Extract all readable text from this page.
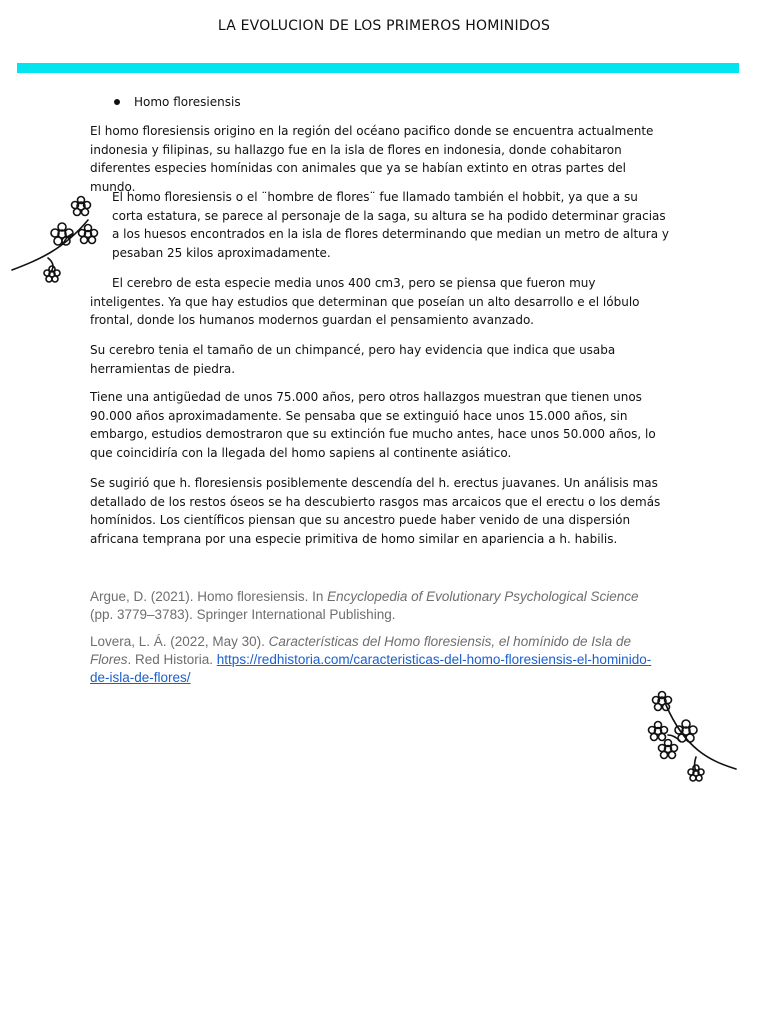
LA EVOLUCION DE LOS PRIMEROS HOMINIDOS
Homo floresiensis

El homo floresiensis origino en la región del océano pacifico donde se encuentra actualmente indonesia y filipinas, su hallazgo fue en la isla de flores en indonesia, donde cohabitaron diferentes especies homínidas con animales que ya se habían extinto en otras partes del mundo.

El homo floresiensis o el ¨hombre de flores¨ fue llamado también el hobbit, ya que a su corta estatura, se parece al personaje de la saga, su altura se ha podido determinar gracias a los huesos encontrados en la isla de flores determinando que median un metro de altura y pesaban 25 kilos aproximadamente.

El cerebro de esta especie media unos 400 cm3, pero se piensa que fueron muy inteligentes. Ya que hay estudios que determinan que poseían un alto desarrollo e el lóbulo frontal, donde los humanos modernos guardan el pensamiento avanzado.

Su cerebro tenia el tamaño de un chimpancé, pero hay evidencia que indica que usaba herramientas de piedra.

Tiene una antigüedad de unos 75.000 años, pero otros hallazgos muestran que tienen unos 90.000 años aproximadamente. Se pensaba que se extinguió hace unos 15.000 años, sin embargo, estudios demostraron que su extinción fue mucho antes, hace unos 50.000 años, lo que coincidiría con la llegada del homo sapiens al continente asiático.

Se sugirió que h. floresiensis posiblemente descendía del h. erectus juavanes. Un análisis mas detallado de los restos óseos se ha descubierto rasgos mas arcaicos que el erectu o los demás homínidos. Los científicos piensan que su ancestro puede haber venido de una dispersión africana temprana por una especie primitiva de homo similar en apariencia a h. habilis.

Argue, D. (2021). Homo floresiensis. In Encyclopedia of Evolutionary Psychological Science (pp. 3779–3783). Springer International Publishing.

Lovera, L. Á. (2022, May 30). Características del Homo floresiensis, el homínido de Isla de Flores. Red Historia. https://redhistoria.com/caracteristicas-del-homo-floresiensis-el-hominido-de-isla-de-flores/
